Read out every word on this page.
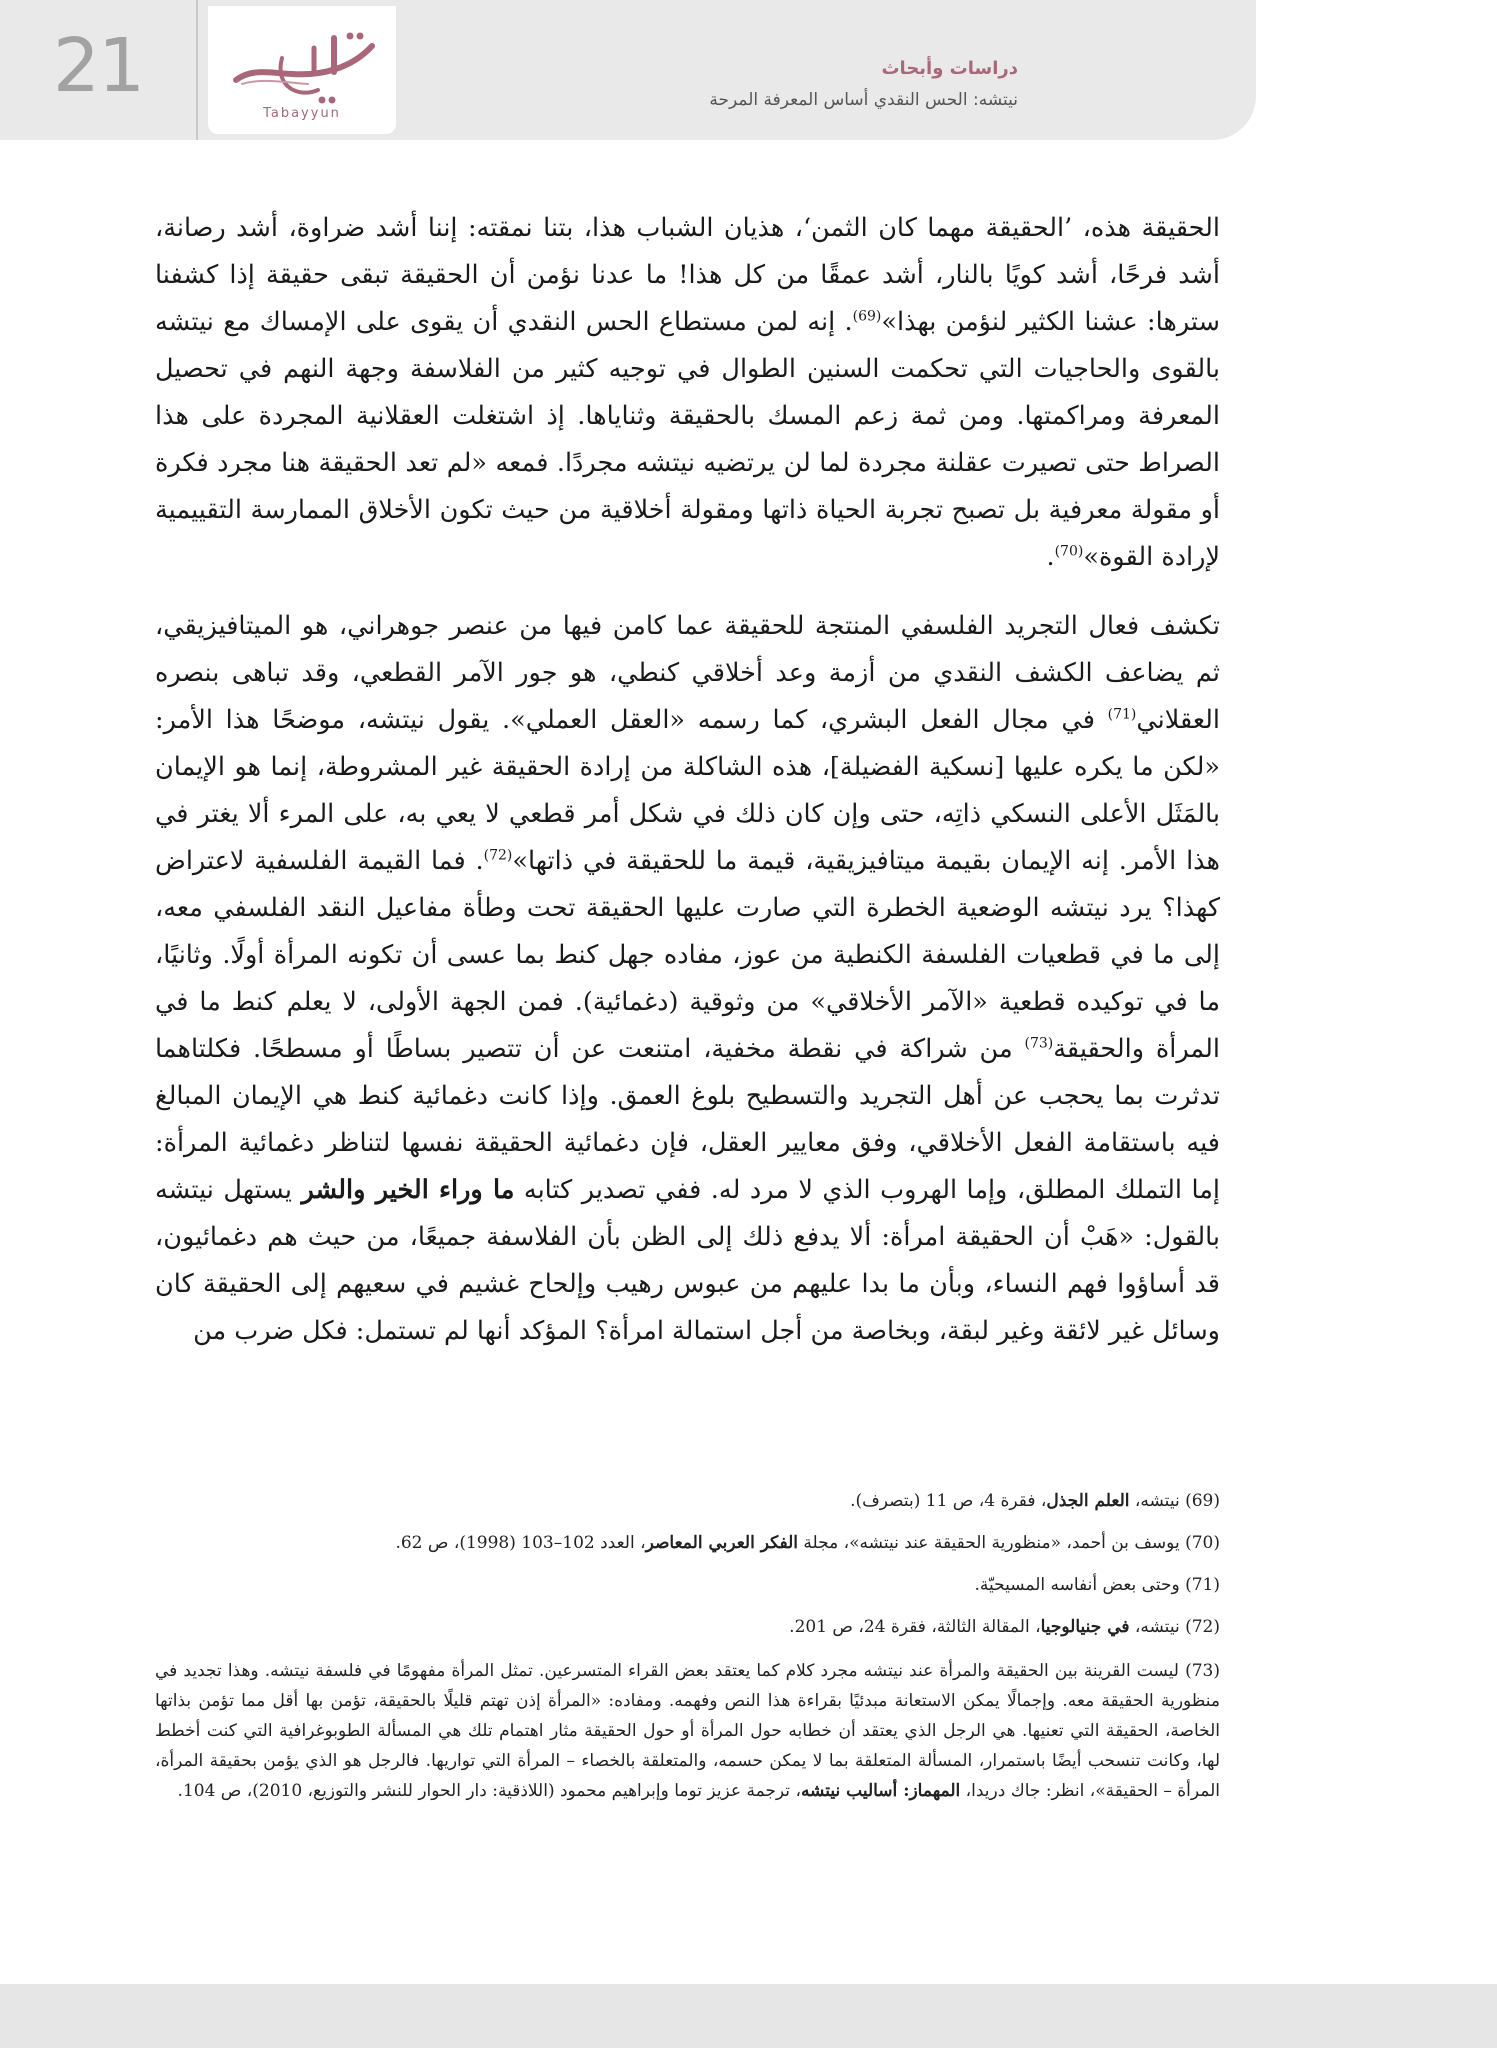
21
Tabayyun
دراسات وأبحاث
نيتشه: الحس النقدي أساس المعرفة المرحة

الحقيقة هذه، ’الحقيقة مهما كان الثمن‘، هذيان الشباب هذا، بتنا نمقته: إننا أشد ضراوة، أشد رصانة، أشد فرحًا، أشد كويًا بالنار، أشد عمقًا من كل هذا! ما عدنا نؤمن أن الحقيقة تبقى حقيقة إذا كشفنا سترها: عشنا الكثير لنؤمن بهذا»$^{(69)}$. إنه لمن مستطاع الحس النقدي أن يقوى على الإمساك مع نيتشه بالقوى والحاجيات التي تحكمت السنين الطوال في توجيه كثير من الفلاسفة وجهة النهم في تحصيل المعرفة ومراكمتها. ومن ثمة زعم المسك بالحقيقة وثناياها. إذ اشتغلت العقلانية المجردة على هذا الصراط حتى تصيرت عقلنة مجردة لما لن يرتضيه نيتشه مجردًا. فمعه «لم تعد الحقيقة هنا مجرد فكرة أو مقولة معرفية بل تصبح تجربة الحياة ذاتها ومقولة أخلاقية من حيث تكون الأخلاق الممارسة التقييمية لإرادة القوة»$^{(70)}$.

تكشف فعال التجريد الفلسفي المنتجة للحقيقة عما كامن فيها من عنصر جوهراني، هو الميتافيزيقي، ثم يضاعف الكشف النقدي من أزمة وعد أخلاقي كنطي، هو جور الآمر القطعي، وقد تباهى بنصره العقلاني$^{(71)}$ في مجال الفعل البشري، كما رسمه «العقل العملي». يقول نيتشه، موضحًا هذا الأمر: «لكن ما يكره عليها [نسكية الفضيلة]، هذه الشاكلة من إرادة الحقيقة غير المشروطة، إنما هو الإيمان بالمَثَل الأعلى النسكي ذاتِه، حتى وإن كان ذلك في شكل أمر قطعي لا يعي به، على المرء ألا يغتر في هذا الأمر. إنه الإيمان بقيمة ميتافيزيقية، قيمة ما للحقيقة في ذاتها»$^{(72)}$. فما القيمة الفلسفية لاعتراض كهذا؟ يرد نيتشه الوضعية الخطرة التي صارت عليها الحقيقة تحت وطأة مفاعيل النقد الفلسفي معه، إلى ما في قطعيات الفلسفة الكنطية من عوز، مفاده جهل كنط بما عسى أن تكونه المرأة أولًا. وثانيًا، ما في توكيده قطعية «الآمر الأخلاقي» من وثوقية (دغمائية). فمن الجهة الأولى، لا يعلم كنط ما في المرأة والحقيقة$^{(73)}$ من شراكة في نقطة مخفية، امتنعت عن أن تتصير بساطًا أو مسطحًا. فكلتاهما تدثرت بما يحجب عن أهل التجريد والتسطيح بلوغ العمق. وإذا كانت دغمائية كنط هي الإيمان المبالغ فيه باستقامة الفعل الأخلاقي، وفق معايير العقل، فإن دغمائية الحقيقة نفسها لتناظر دغمائية المرأة: إما التملك المطلق، وإما الهروب الذي لا مرد له. ففي تصدير كتابه ما وراء الخير والشر يستهل نيتشه بالقول: «هَبْ أن الحقيقة امرأة: ألا يدفع ذلك إلى الظن بأن الفلاسفة جميعًا، من حيث هم دغمائيون، قد أساؤوا فهم النساء، وبأن ما بدا عليهم من عبوس رهيب وإلحاح غشيم في سعيهم إلى الحقيقة كان وسائل غير لائقة وغير لبقة، وبخاصة من أجل استمالة امرأة؟ المؤكد أنها لم تستمل: فكل ضرب من

(69) نيتشه، العلم الجذل، فقرة 4، ص 11 (بتصرف).

(70) يوسف بن أحمد، «منظورية الحقيقة عند نيتشه»، مجلة الفكر العربي المعاصر، العدد 102–103 (1998)، ص 62.

(71) وحتى بعض أنفاسه المسيحيّة.

(72) نيتشه، في جنيالوجيا، المقالة الثالثة، فقرة 24، ص 201.

(73) ليست القرينة بين الحقيقة والمرأة عند نيتشه مجرد كلام كما يعتقد بعض القراء المتسرعين. تمثل المرأة مفهومًا في فلسفة نيتشه. وهذا تجديد في منظورية الحقيقة معه. وإجمالًا يمكن الاستعانة مبدئيًا بقراءة هذا النص وفهمه. ومفاده: «المرأة إذن تهتم قليلًا بالحقيقة، تؤمن بها أقل مما تؤمن بذاتها الخاصة، الحقيقة التي تعنيها. هي الرجل الذي يعتقد أن خطابه حول المرأة أو حول الحقيقة مثار اهتمام تلك هي المسألة الطوبوغرافية التي كنت أخطط لها، وكانت تنسحب أيضًا باستمرار، المسألة المتعلقة بما لا يمكن حسمه، والمتعلقة بالخصاء – المرأة التي تواريها. فالرجل هو الذي يؤمن بحقيقة المرأة، المرأة – الحقيقة»، انظر: جاك دريدا، المهماز: أساليب نيتشه، ترجمة عزيز توما وإبراهيم محمود (اللاذقية: دار الحوار للنشر والتوزيع، 2010)، ص 104.
